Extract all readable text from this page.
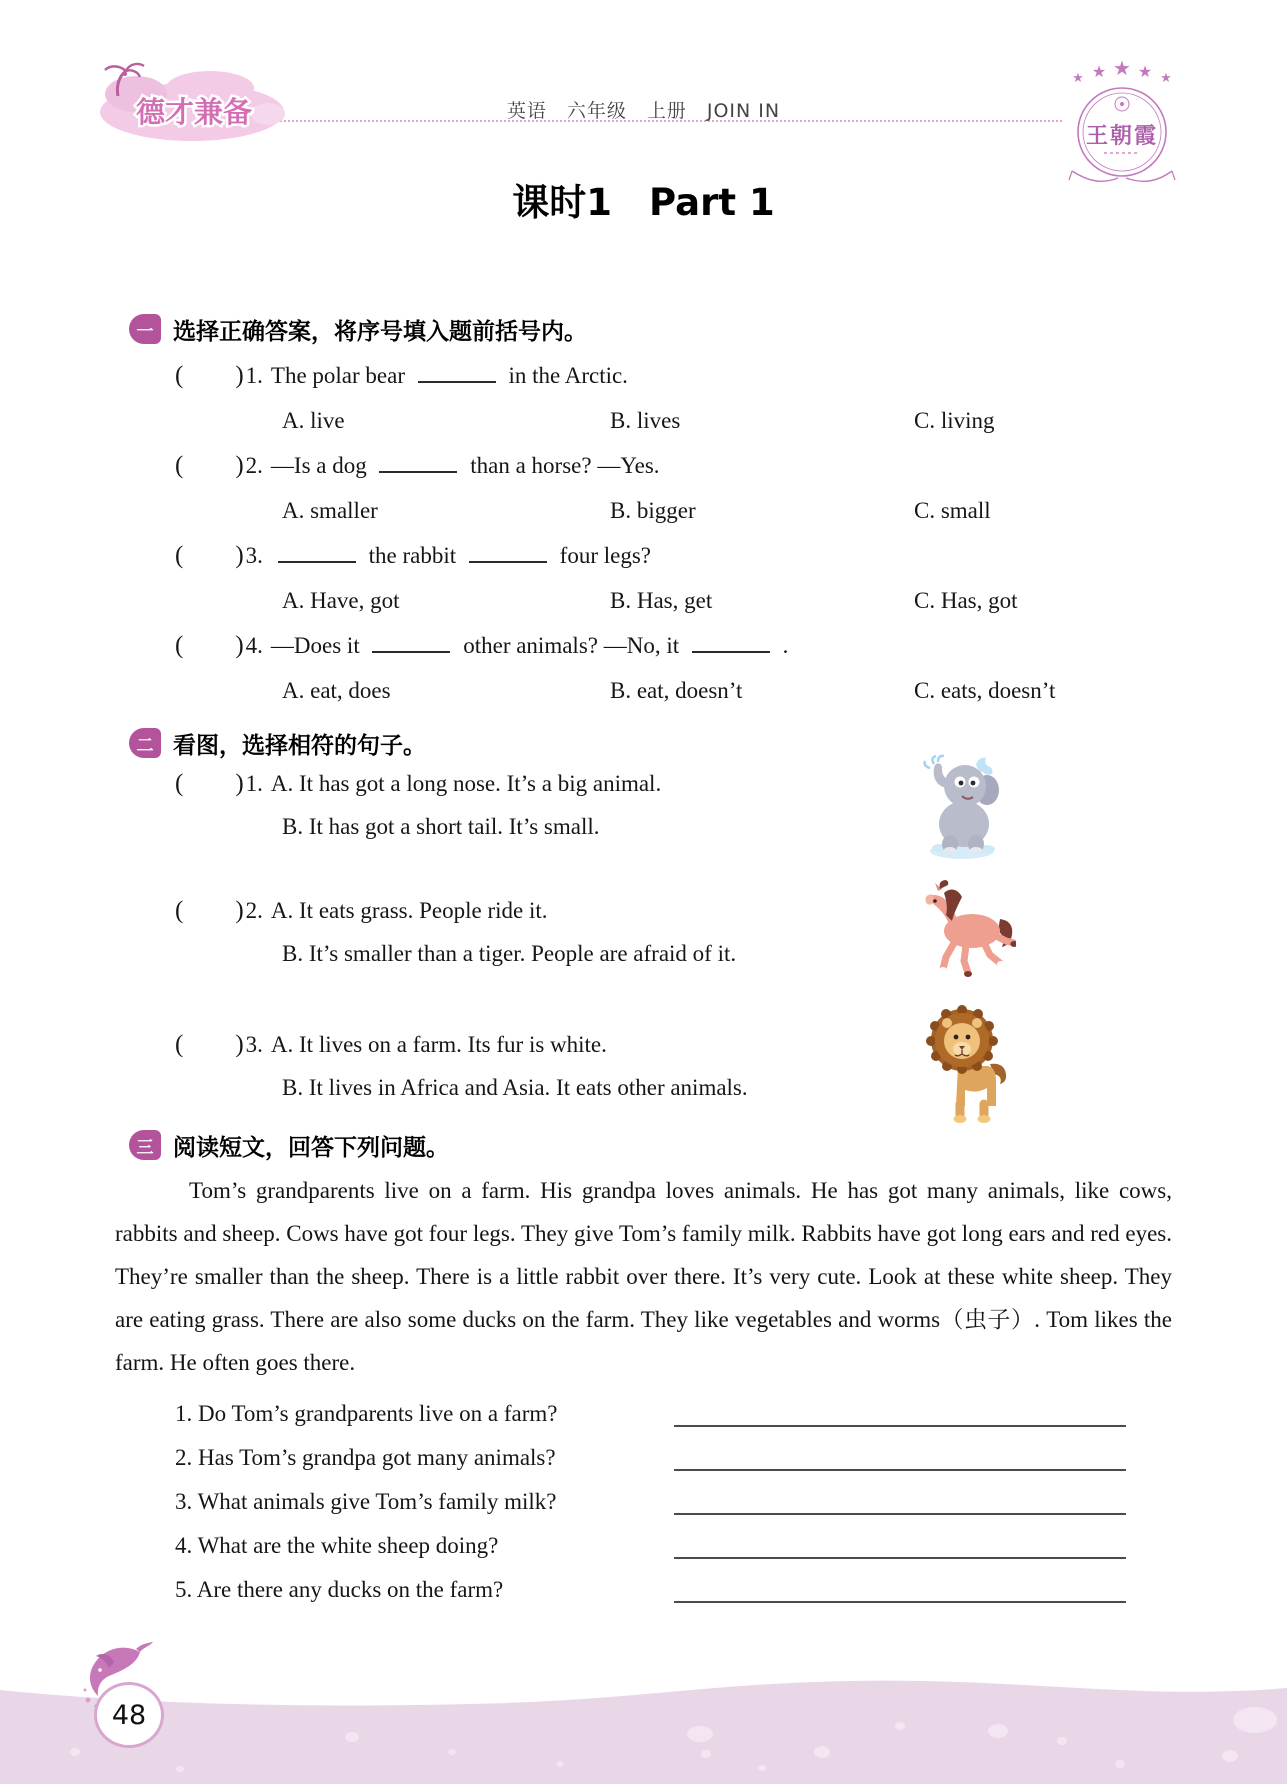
德才兼备	英语　六年级　上册　JOIN IN
★ ★ ★ ★ ★
王朝霞
课时1　Part 1
一 选择正确答案，将序号填入题前括号内。
( )1. The polar bear	in the Arctic.
A. live	B. lives	C. living
( )2. —Is a dog	than a horse? —Yes.
A. smaller	B. bigger	C. small
( )3.	the rabbit	four legs?
A. Have, got	B. Has, get	C. Has, got
( )4. —Does it	other animals? —No, it	.
A. eat, does	B. eat, doesn’t	C. eats, doesn’t
二 看图，选择相符的句子。
( )1. A. It has got a long nose. It’s a big animal.
B. It has got a short tail. It’s small.
( )2. A. It eats grass. People ride it.
B. It’s smaller than a tiger. People are afraid of it.
( )3. A. It lives on a farm. Its fur is white.
B. It lives in Africa and Asia. It eats other animals.
三 阅读短文，回答下列问题。

Tom’s grandparents live on a farm. His grandpa loves animals. He has got many animals, like cows, rabbits and sheep. Cows have got four legs. They give Tom’s family milk. Rabbits have got long ears and red eyes. They’re smaller than the sheep. There is a little rabbit over there. It’s very cute. Look at these white sheep. They are eating grass. There are also some ducks on the farm. They like vegetables and worms（虫子）. Tom likes the farm. He often goes there.

1. Do Tom’s grandparents live on a farm?
2. Has Tom’s grandpa got many animals?
3. What animals give Tom’s family milk?
4. What are the white sheep doing?
5. Are there any ducks on the farm?
48
